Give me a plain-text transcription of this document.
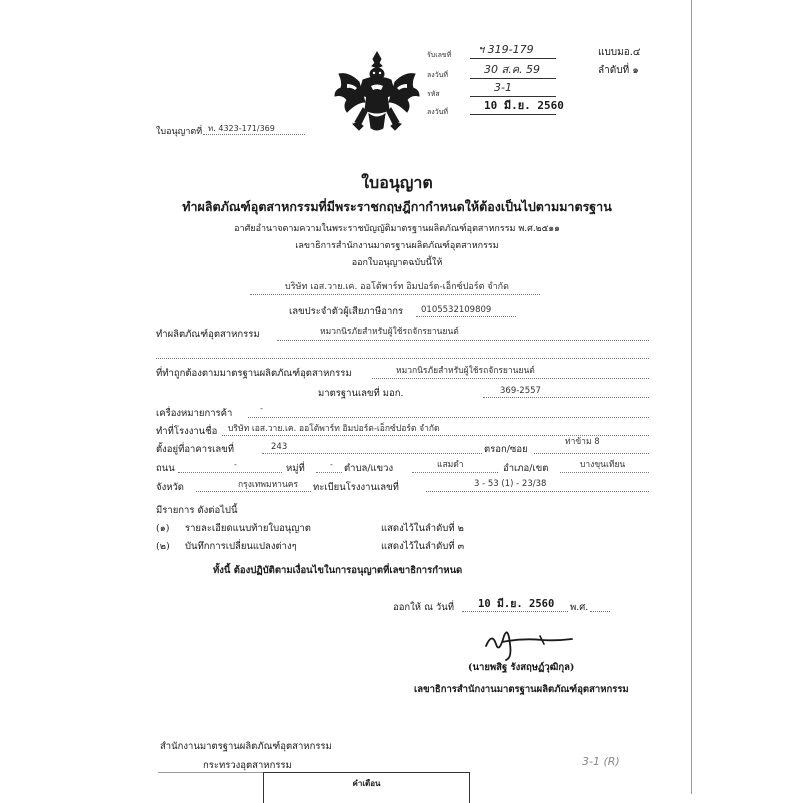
รับเลขที่ ฯ 319-179
ลงวันที่	30 ส.ค. 59
รหัส	3-1
ลงวันที่	10 มี.ย. 2560
แบบมอ.๔
ลำดับที่ ๑
ใบอนุญาตที่ ท. 4323-171/369
ใบอนุญาต
ทำผลิตภัณฑ์อุตสาหกรรมที่มีพระราชกฤษฎีกากำหนดให้ต้องเป็นไปตามมาตรฐาน
อาศัยอำนาจตามความในพระราชบัญญัติมาตรฐานผลิตภัณฑ์อุตสาหกรรม พ.ศ.๒๕๑๑
เลขาธิการสำนักงานมาตรฐานผลิตภัณฑ์อุตสาหกรรม
ออกใบอนุญาตฉบับนี้ให้
บริษัท เอส.วาย.เค. ออโต้พาร์ท อิมปอร์ต-เอ็กซ์ปอร์ต จำกัด
เลขประจำตัวผู้เสียภาษีอากร 0105532109809
ทำผลิตภัณฑ์อุตสาหกรรม	หมวกนิรภัยสำหรับผู้ใช้รถจักรยานยนต์
ที่ทำถูกต้องตามมาตรฐานผลิตภัณฑ์อุตสาหกรรม	หมวกนิรภัยสำหรับผู้ใช้รถจักรยานยนต์
มาตรฐานเลขที่ มอก.	369-2557
เครื่องหมายการค้า	-
ทำที่โรงงานชื่อ บริษัท เอส.วาย.เค. ออโต้พาร์ท อิมปอร์ต-เอ็กซ์ปอร์ต จำกัด
ตั้งอยู่ที่อาคารเลขที่	243	ตรอก/ซอย
ท่าข้าม 8
ถนน	-	หมู่ที่	- ตำบล/แขวง	แสมดำ	อำเภอ/เขต	บางขุนเทียน
จังหวัด	กรุงเทพมหานคร ทะเบียนโรงงานเลขที่	3 - 53 (1) - 23/38
มีรายการ ดังต่อไปนี้
(๑) รายละเอียดแนบท้ายใบอนุญาต	แสดงไว้ในลำดับที่ ๒
(๒) บันทึกการเปลี่ยนแปลงต่างๆ	แสดงไว้ในลำดับที่ ๓
ทั้งนี้ ต้องปฏิบัติตามเงื่อนไขในการอนุญาตที่เลขาธิการกำหนด
ออกให้ ณ วันที่ 10 มี.ย. 2560 พ.ศ.
(นายพสิฐ รังสฤษฏ์วุฒิกุล)
เลขาธิการสำนักงานมาตรฐานผลิตภัณฑ์อุตสาหกรรม
สำนักงานมาตรฐานผลิตภัณฑ์อุตสาหกรรม
กระทรวงอุตสาหกรรม	3-1 (R)
คำเตือน
